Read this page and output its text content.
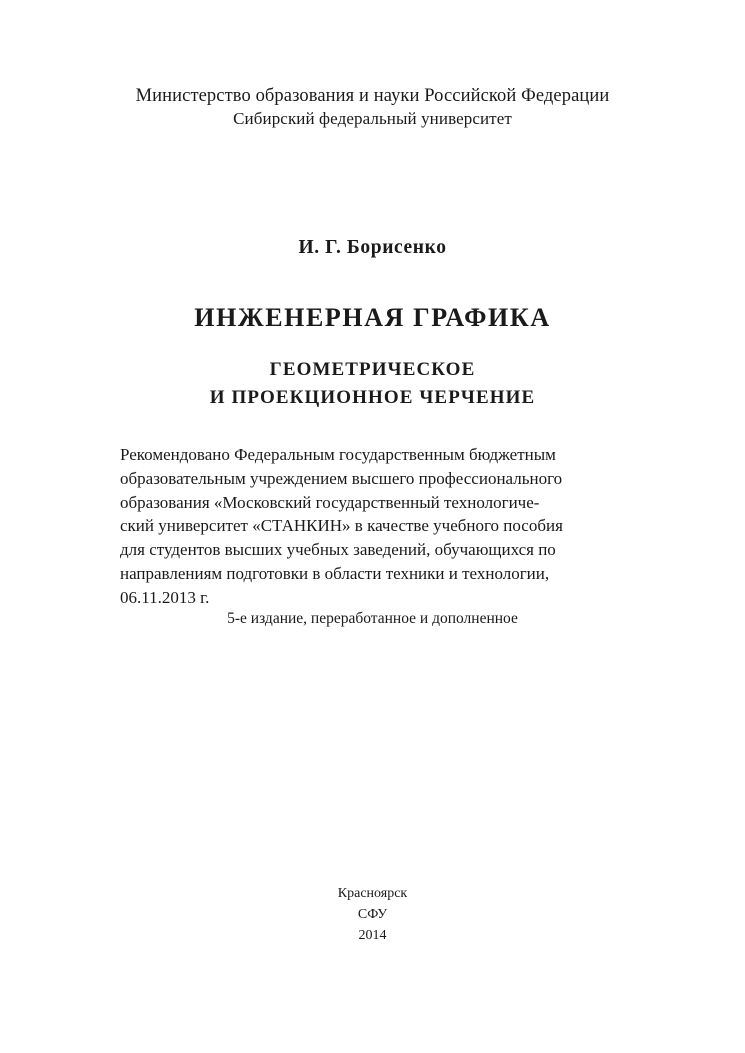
Министерство образования и науки Российской Федерации
Сибирский федеральный университет
И. Г. Борисенко
ИНЖЕНЕРНАЯ ГРАФИКА
ГЕОМЕТРИЧЕСКОЕ
И ПРОЕКЦИОННОЕ ЧЕРЧЕНИЕ
Рекомендовано Федеральным государственным бюджетным
образовательным учреждением высшего профессионального
образования «Московский государственный технологиче-
ский университет «СТАНКИН» в качестве учебного пособия
для студентов высших учебных заведений, обучающихся по
направлениям подготовки в области техники и технологии,
06.11.2013 г.
5-е издание, переработанное и дополненное
Красноярск
СФУ
2014
